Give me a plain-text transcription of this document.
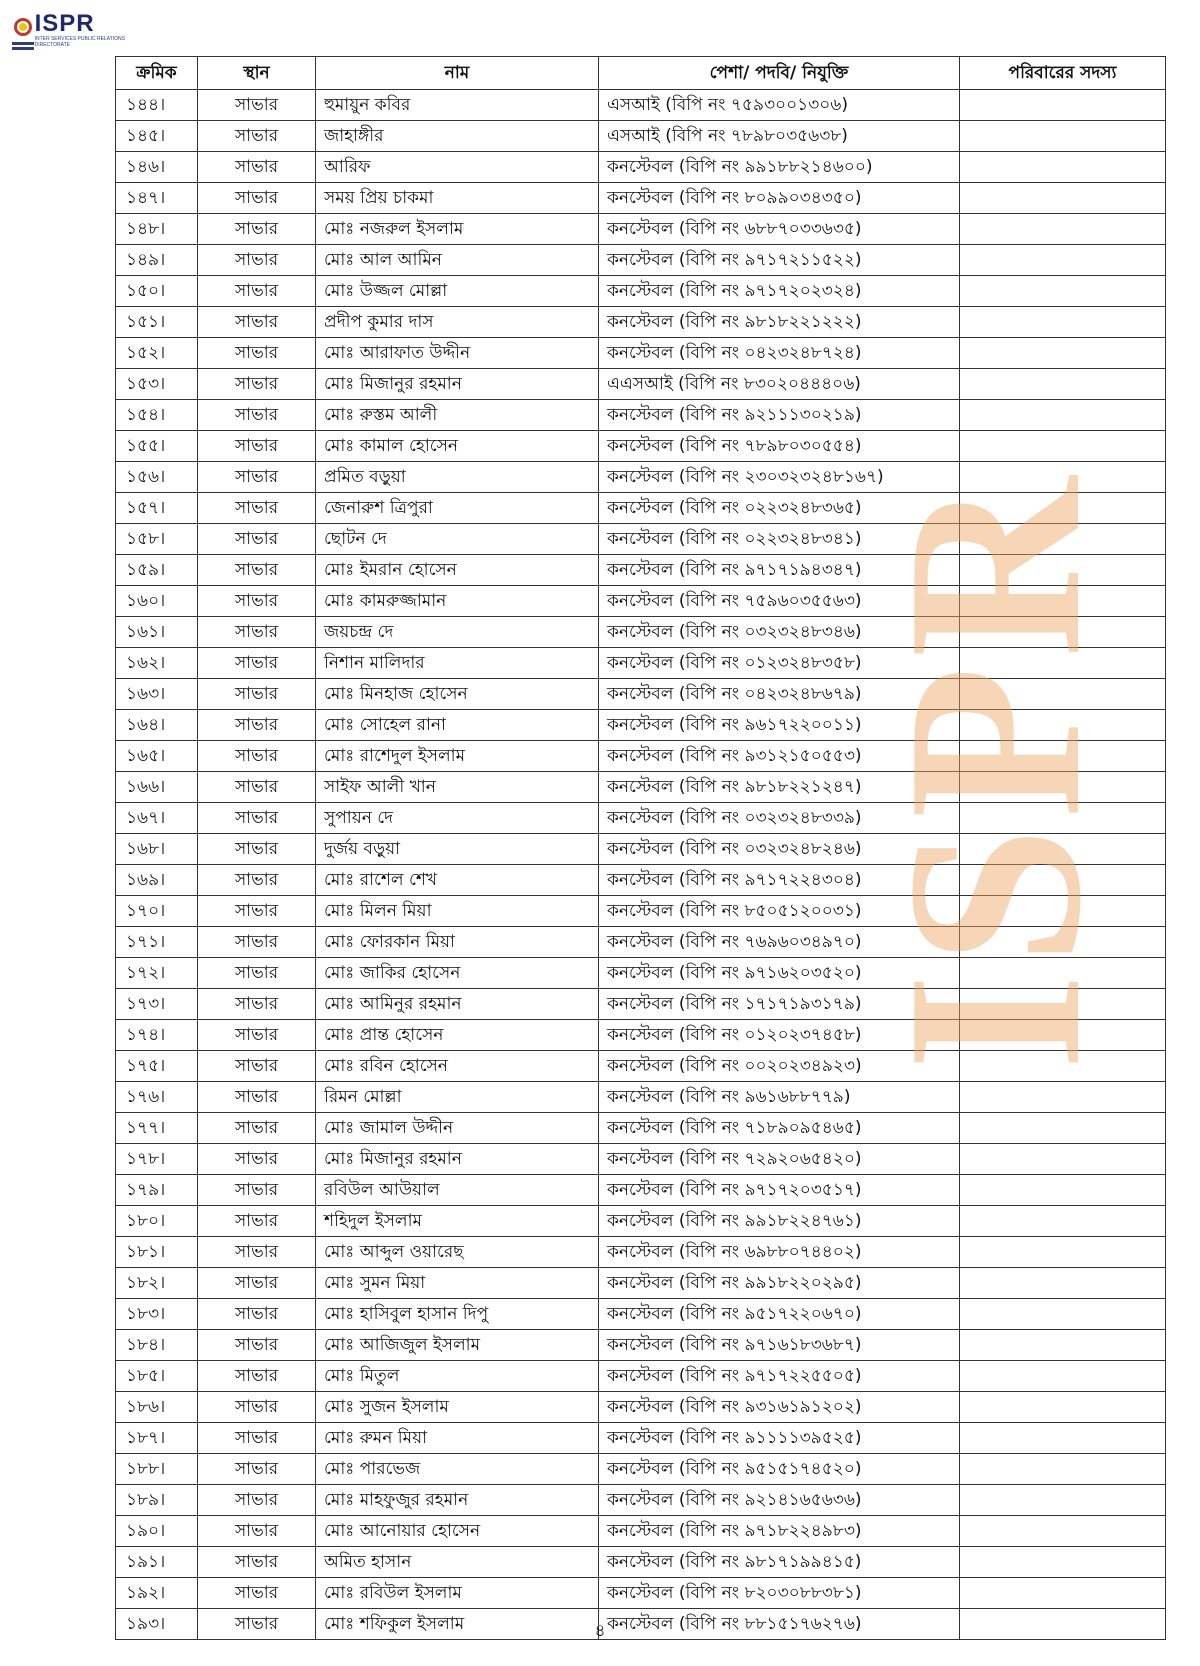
ISPR
INTER SERVICES PUBLIC RELATIONS DIRECTORATE
ক্রমিক	স্থান	নাম	পেশা/ পদবি/ নিযুক্তি	পরিবারের সদস্য
১৪৪।	সাভার	হুমায়ুন কবির	এসআই (বিপি নং ৭৫৯৩০০১৩০৬)	
১৪৫।	সাভার	জাহাঙ্গীর	এসআই (বিপি নং ৭৮৯৮০৩৫৬৩৮)	
১৪৬।	সাভার	আরিফ	কনস্টেবল (বিপি নং ৯৯১৮৮২১৪৬০০)	
১৪৭।	সাভার	সময় প্রিয় চাকমা	কনস্টেবল (বিপি নং ৮০৯৯০৩৪৩৫০)	
১৪৮।	সাভার	মোঃ নজরুল ইসলাম	কনস্টেবল (বিপি নং ৬৮৮৭০৩৩৬৩৫)	
১৪৯।	সাভার	মোঃ আল আমিন	কনস্টেবল (বিপি নং ৯৭১৭২১১৫২২)	
১৫০।	সাভার	মোঃ উজ্জল মোল্লা	কনস্টেবল (বিপি নং ৯৭১৭২০২৩২৪)	
১৫১।	সাভার	প্রদীপ কুমার দাস	কনস্টেবল (বিপি নং ৯৮১৮২২১২২২)	
১৫২।	সাভার	মোঃ আরাফাত উদ্দীন	কনস্টেবল (বিপি নং ০৪২৩২৪৮৭২৪)	
১৫৩।	সাভার	মোঃ মিজানুর রহমান	এএসআই (বিপি নং ৮৩০২০৪৪৪০৬)	
১৫৪।	সাভার	মোঃ রুস্তম আলী	কনস্টেবল (বিপি নং ৯২১১১৩০২১৯)	
১৫৫।	সাভার	মোঃ কামাল হোসেন	কনস্টেবল (বিপি নং ৭৮৯৮০৩০৫৫৪)	
১৫৬।	সাভার	প্রমিত বড়ুয়া	কনস্টেবল (বিপি নং ২৩০৩২৩২৪৮১৬৭)	
১৫৭।	সাভার	জেনারুশ ত্রিপুরা	কনস্টেবল (বিপি নং ০২২৩২৪৮৩৬৫)	
১৫৮।	সাভার	ছোটন দে	কনস্টেবল (বিপি নং ০২২৩২৪৮৩৪১)	
১৫৯।	সাভার	মোঃ ইমরান হোসেন	কনস্টেবল (বিপি নং ৯৭১৭১৯৪৩৪৭)	
১৬০।	সাভার	মোঃ কামরুজ্জামান	কনস্টেবল (বিপি নং ৭৫৯৬০৩৫৫৬৩)	
১৬১।	সাভার	জয়চন্দ্র দে	কনস্টেবল (বিপি নং ০৩২৩২৪৮৩৪৬)	
১৬২।	সাভার	নিশান মালিদার	কনস্টেবল (বিপি নং ০১২৩২৪৮৩৫৮)	
১৬৩।	সাভার	মোঃ মিনহাজ হোসেন	কনস্টেবল (বিপি নং ০৪২৩২৪৮৬৭৯)	
১৬৪।	সাভার	মোঃ সোহেল রানা	কনস্টেবল (বিপি নং ৯৬১৭২২০০১১)	
১৬৫।	সাভার	মোঃ রাশেদুল ইসলাম	কনস্টেবল (বিপি নং ৯৩১২১৫০৫৫৩)	
১৬৬।	সাভার	সাইফ আলী খান	কনস্টেবল (বিপি নং ৯৮১৮২২১২৪৭)	
১৬৭।	সাভার	সুপায়ন দে	কনস্টেবল (বিপি নং ০৩২৩২৪৮৩৩৯)	
১৬৮।	সাভার	দুর্জয় বড়ুয়া	কনস্টেবল (বিপি নং ০৩২৩২৪৮২৪৬)	
১৬৯।	সাভার	মোঃ রাশেল শেখ	কনস্টেবল (বিপি নং ৯৭১৭২২৪৩০৪)	
১৭০।	সাভার	মোঃ মিলন মিয়া	কনস্টেবল (বিপি নং ৮৫০৫১২০০৩১)	
১৭১।	সাভার	মোঃ ফোরকান মিয়া	কনস্টেবল (বিপি নং ৭৬৯৬০৩৪৯৭০)	
১৭২।	সাভার	মোঃ জাকির হোসেন	কনস্টেবল (বিপি নং ৯৭১৬২০৩৫২০)	
১৭৩।	সাভার	মোঃ আমিনুর রহমান	কনস্টেবল (বিপি নং ১৭১৭১৯৩১৭৯)	
১৭৪।	সাভার	মোঃ প্রান্ত হোসেন	কনস্টেবল (বিপি নং ০১২০২৩৭৪৫৮)	
১৭৫।	সাভার	মোঃ রবিন হোসেন	কনস্টেবল (বিপি নং ০০২০২৩৪৯২৩)	
১৭৬।	সাভার	রিমন মোল্লা	কনস্টেবল (বিপি নং ৯৬১৬৮৮৭৭৯)	
১৭৭।	সাভার	মোঃ জামাল উদ্দীন	কনস্টেবল (বিপি নং ৭১৮৯০৯৫৪৬৫)	
১৭৮।	সাভার	মোঃ মিজানুর রহমান	কনস্টেবল (বিপি নং ৭২৯২০৬৫৪২০)	
১৭৯।	সাভার	রবিউল আউয়াল	কনস্টেবল (বিপি নং ৯৭১৭২০৩৫১৭)	
১৮০।	সাভার	শহিদুল ইসলাম	কনস্টেবল (বিপি নং ৯৯১৮২২৪৭৬১)	
১৮১।	সাভার	মোঃ আব্দুল ওয়ারেছ	কনস্টেবল (বিপি নং ৬৯৮৮০৭৪৪০২)	
১৮২।	সাভার	মোঃ সুমন মিয়া	কনস্টেবল (বিপি নং ৯৯১৮২২০২৯৫)	
১৮৩।	সাভার	মোঃ হাসিবুল হাসান দিপু	কনস্টেবল (বিপি নং ৯৫১৭২২০৬৭০)	
১৮৪।	সাভার	মোঃ আজিজুল ইসলাম	কনস্টেবল (বিপি নং ৯৭১৬১৮৩৬৮৭)	
১৮৫।	সাভার	মোঃ মিতুল	কনস্টেবল (বিপি নং ৯৭১৭২২৫৫০৫)	
১৮৬।	সাভার	মোঃ সুজন ইসলাম	কনস্টেবল (বিপি নং ৯৩১৬১৯১২০২)	
১৮৭।	সাভার	মোঃ রুমন মিয়া	কনস্টেবল (বিপি নং ৯১১১১৩৯৫২৫)	
১৮৮।	সাভার	মোঃ পারভেজ	কনস্টেবল (বিপি নং ৯৫১৫১৭৪৫২০)	
১৮৯।	সাভার	মোঃ মাহফুজুর রহমান	কনস্টেবল (বিপি নং ৯২১৪১৬৫৬৩৬)	
১৯০।	সাভার	মোঃ আনোয়ার হোসেন	কনস্টেবল (বিপি নং ৯৭১৮২২৪৯৮৩)	
১৯১।	সাভার	অমিত হাসান	কনস্টেবল (বিপি নং ৯৮১৭১৯৯৪১৫)	
১৯২।	সাভার	মোঃ রবিউল ইসলাম	কনস্টেবল (বিপি নং ৮২০৩০৮৮৩৮১)	
১৯৩।	সাভার	মোঃ শফিকুল ইসলাম	কনস্টেবল (বিপি নং ৮৮১৫১৭৬২৭৬)	
ISPR
৪
